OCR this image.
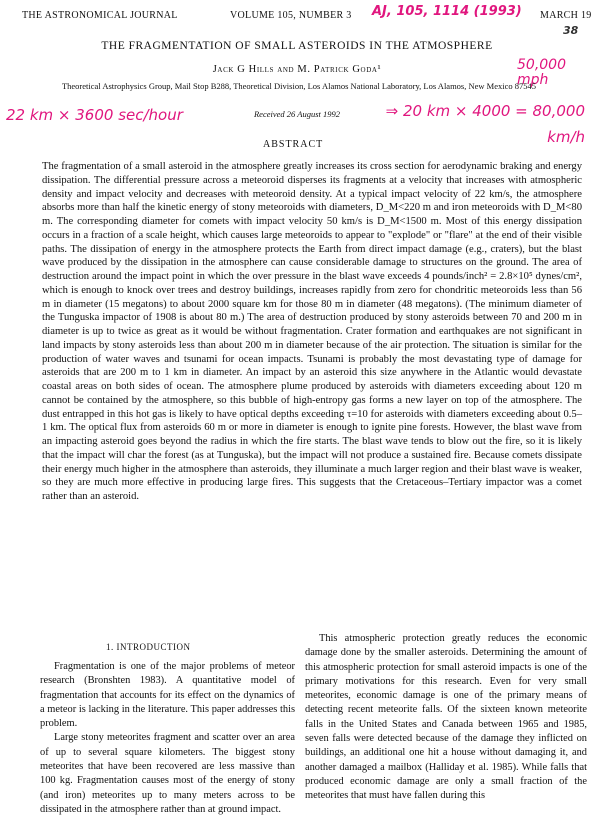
THE ASTRONOMICAL JOURNAL	VOLUME 105, NUMBER 3	MARCH 19
AJ, 105, 1114 (1993)
38
50,000 mph
22 km × 3600 sec/hour	⇒ 20 km × 4000 = 80,000 km/h
THE FRAGMENTATION OF SMALL ASTEROIDS IN THE ATMOSPHERE
Jack G Hills and M. Patrick Goda¹
Theoretical Astrophysics Group, Mail Stop B288, Theoretical Division, Los Alamos National Laboratory, Los Alamos, New Mexico 87545
Received 26 August 1992
ABSTRACT
The fragmentation of a small asteroid in the atmosphere greatly increases its cross section for aerodynamic braking and energy dissipation. The differential pressure across a meteoroid disperses its fragments at a velocity that increases with atmospheric density and impact velocity and decreases with meteoroid density. At a typical impact velocity of 22 km/s, the atmosphere absorbs more than half the kinetic energy of stony meteoroids with diameters, D_M<220 m and iron meteoroids with D_M<80 m. The corresponding diameter for comets with impact velocity 50 km/s is D_M<1500 m. Most of this energy dissipation occurs in a fraction of a scale height, which causes large meteoroids to appear to "explode" or "flare" at the end of their visible paths. The dissipation of energy in the atmosphere protects the Earth from direct impact damage (e.g., craters), but the blast wave produced by the dissipation in the atmosphere can cause considerable damage to structures on the ground. The area of destruction around the impact point in which the over pressure in the blast wave exceeds 4 pounds/inch² = 2.8×10⁵ dynes/cm², which is enough to knock over trees and destroy buildings, increases rapidly from zero for chondritic meteoroids less than 56 m in diameter (15 megatons) to about 2000 square km for those 80 m in diameter (48 megatons). (The minimum diameter of the Tunguska impactor of 1908 is about 80 m.) The area of destruction produced by stony asteroids between 70 and 200 m in diameter is up to twice as great as it would be without fragmentation. Crater formation and earthquakes are not significant in land impacts by stony asteroids less than about 200 m in diameter because of the air protection. The situation is similar for the production of water waves and tsunami for ocean impacts. Tsunami is probably the most devastating type of damage for asteroids that are 200 m to 1 km in diameter. An impact by an asteroid this size anywhere in the Atlantic would devastate coastal areas on both sides of ocean. The atmosphere plume produced by asteroids with diameters exceeding about 120 m cannot be contained by the atmosphere, so this bubble of high-entropy gas forms a new layer on top of the atmosphere. The dust entrapped in this hot gas is likely to have optical depths exceeding τ=10 for asteroids with diameters exceeding about 0.5–1 km. The optical flux from asteroids 60 m or more in diameter is enough to ignite pine forests. However, the blast wave from an impacting asteroid goes beyond the radius in which the fire starts. The blast wave tends to blow out the fire, so it is likely that the impact will char the forest (as at Tunguska), but the impact will not produce a sustained fire. Because comets dissipate their energy much higher in the atmosphere than asteroids, they illuminate a much larger region and their blast wave is weaker, so they are much more effective in producing large fires. This suggests that the Cretaceous–Tertiary impactor was a comet rather than an asteroid.
1. INTRODUCTION

Fragmentation is one of the major problems of meteor research (Bronshten 1983). A quantitative model of fragmentation that accounts for its effect on the dynamics of a meteor is lacking in the literature. This paper addresses this problem.

Large stony meteorites fragment and scatter over an area of up to several square kilometers. The biggest stony meteorites that have been recovered are less massive than 100 kg. Fragmentation causes most of the energy of stony (and iron) meteorites up to many meters across to be dissipated in the atmosphere rather than at ground impact.

This atmospheric protection greatly reduces the economic damage done by the smaller asteroids. Determining the amount of this atmospheric protection for small asteroid impacts is one of the primary motivations for this research. Even for very small meteorites, economic damage is one of the primary means of detecting recent meteorite falls. Of the sixteen known meteorite falls in the United States and Canada between 1965 and 1985, seven falls were detected because of the damage they inflicted on buildings, an additional one hit a house without damaging it, and another damaged a mailbox (Halliday et al. 1985). While falls that produced economic damage are only a small fraction of the meteorites that must have fallen during this
